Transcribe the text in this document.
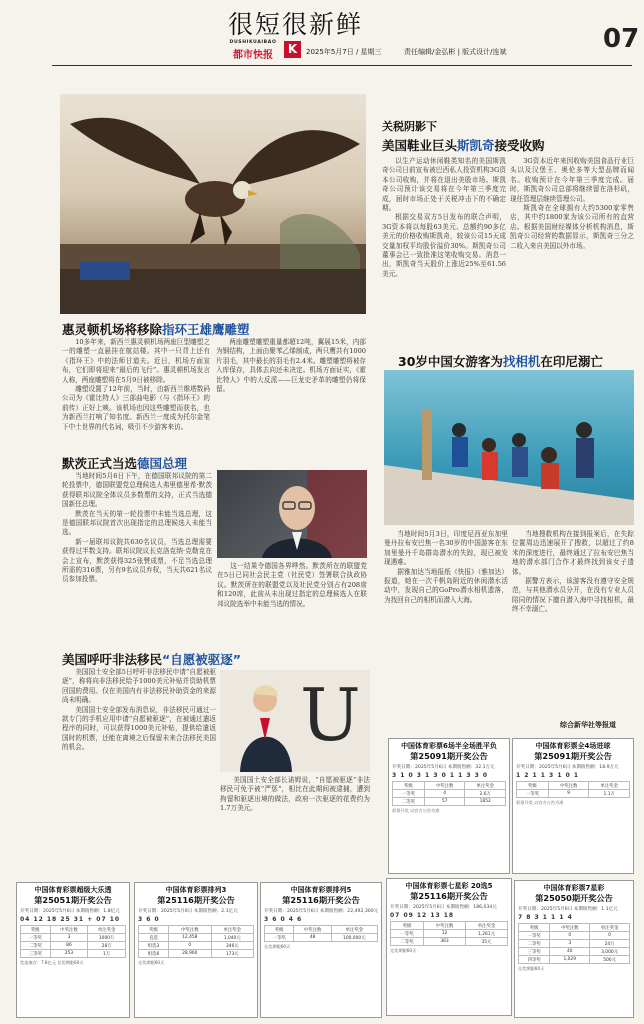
很短很新鲜
DUSHIKUAIBAO
都市快报	K	2025年5月7日 / 星期三	责任编辑/金弘彬 | 版式设计/连斌	07
惠灵顿机场将移除指环王雄鹰雕塑

10多年来，新西兰惠灵顿机场两座巨型雕塑之一的雕塑一直悬挂在航站楼。其中一只背上还有《指环王》中的法师甘道夫。近日，机场方面宣布，它们即将迎来“最后的飞行”。惠灵顿机场发言人称，两座雕塑将在5月9日被移除。

雕塑设置了12年前，当时，由新西兰维塔数码公司为《霍比特人》三部曲电影（与《指环王》的前传）正好上映。该机场也因这些雕塑而获名，也为新西兰打响了知名度。新西兰一度成为托尔金笔下中土世界的代名词，吸引不少游客来访。

两座雕塑雕塑重量都超12吨，翼展15米，内部为钢结构，上面由聚苯乙烯制成，两只鹰共有1000片羽毛，其中最长的羽毛有2.4米。雕塑雕塑将被存入库保存，具体去向还未决定。机场方面证实，《霍比特人》中的大反派——巨龙史矛革的雕塑仍将保留。

关税阴影下
美国鞋业巨头斯凯奇接受收购

以生产运动休闲鞋类知名的美国斯凯奇公司日前宣布被巴西私人投资机构3G资本公司收购，并将在退出美股市场。斯凯奇公司预计该交易将在今年第三季度完成，届时市场正处于关税冲击下的不确定期。

根据交易双方5日发布的联合声明，3G资本将以每股63美元、总额约90多亿美元的价格收购斯凯奇，较该公司15天成交量加权平均股价溢价30%。斯凯奇公司董事会已一致批准这笔收购交易。消息一出，斯凯奇当天股价上涨近25%至61.56美元。

3G资本近年来因收购美国食品行业巨头以及汉堡王、奥伦多等大型品牌而闻名。收购预计在今年第三季度完成。届时，斯凯奇公司总部将继续留在洛杉矶，现任管理层继续管理公司。

斯凯奇在全球拥有大约5300家零售店，其中约1800家为该公司所有的直营店。根据美国财经媒体分析机构消息，斯凯奇公司经营的数据显示，斯凯奇三分之二收入来自美国以外市场。

默茨正式当选德国总理

当地时间5月6日下午，在德国联邦议院的第二轮投票中，德国联盟党总理候选人弗里德里希·默茨获得联邦议院全体议员多数票的支持，正式当选德国新任总理。

默茨在当天的第一轮投票中未能当选总理，这是德国联邦议院首次出现指定的总理候选人未能当选。

新一届联邦议院共630名议员，当选总理需要获得过半数支持。联邦议院议长克洛克纳·克勒克在会上宣布，默茨获得325张赞成票，不足当选总理所需的316票，另有9名议员弃权，当天共621名议员参加投票。

这一结果令德国各界哗然。默茨所在的联盟党在5日已同社会民主党（社民党）签署联合执政协议。默茨所在的联盟党以及社民党分别占有208席和120席，此前从未出现过指定的总理候选人在联邦议院选举中未能当选的情况。

30岁中国女游客为找相机在印尼溺亡

当地时间5月3日，印度尼西亚东加里曼丹拉布安巴焦一名30岁的中国游客在东加里曼丹千岛群岛潜水的失踪，现已被发现遇难。

据雅加达当地报纸《快报》（雅加达）报道，她在一次千帆岛附近的休闲潜水活动中，发现自己的GoPro潜水相机遗落，为找回自己的相机而潜入大海。

当地搜救机构在接到报案后，在失踪位置周边迅速展开了搜救，以超过了约8米的深度进行，最终通过了拉布安巴焦当地的潜水部门合作才最终找到该女子遗体。

据警方表示，该游客没有遵守安全规范，与其他潜水员分开，在没有专业人员陪同的情况下擅自潜入海中寻找相机，最终不幸溺亡。

综合新华社等报道
美国呼吁非法移民“自愿被驱逐”

美国国土安全部5日呼吁非法移民申请“自愿被驱逐”，称将向非法移民给予1000美元补贴并资助机票回国的费用。仅在美国内有非法移民补助资金的来源尚未明确。

美国国土安全部发布消息说，非法移民可通过一款专门的手机应用申请“自愿被驱逐”，在被通过遣返程序的同时，可以获得1000美元补贴，提供给遣返国时的机票，还能在离境之后保留未来合法移民美国的机会。	U

美国国土安全部长诺姆说，“自愿被驱逐”非法移民可免予被“严惩”，相比在此期间被逮捕，遭到拘留和驱逐出境的做法，政府一次驱逐的花费约为1.7万美元。

中国体育彩票超级大乐透
第25051期开奖公告
开奖日期：2025年5月6日 本期销售额：1.8亿元
04 12 18 25 31 + 07 10
奖级	中奖注数	单注奖金
一等奖	3	1000万
二等奖	86	28万
三等奖	253	1万
奖池滚存：7.8亿元 兑奖期限60天
中国体育彩票6场半全场胜平负
第25091期开奖公告
开奖日期：2025年5月6日 本期销售额：32.1万元
3 1 0 3 1 3 0 1 1 3 3 0
奖级	中奖注数	单注奖金
一等奖	4	2.6万
二等奖	57	1852
彩票开奖 以官方公告为准
中国体育彩票全4场进球
第25091期开奖公告
开奖日期：2025年5月6日 本期销售额：18.9万元
1 2 1 1 3 1 0 1
奖级	中奖注数	单注奖金
一等奖	9	1.1万
彩票开奖 以官方公告为准
中国体育彩票排列3
第25116期开奖公告
开奖日期：2025年5月6日 本期销售额：2.1亿元
3 6 0
奖级	中奖注数	单注奖金
直选	12,458	1,040元
组选3	0	346元
组选6	28,960	173元
兑奖期限60天
中国体育彩票排列5
第25116期开奖公告
开奖日期：2025年5月6日 本期销售额：22,492,300元
3 6 0 4 6
奖级	中奖注数	单注奖金
一等奖	48	100,000元
兑奖期限60天
中国体育彩票7星彩
第25050期开奖公告
开奖日期：2025年5月6日 本期销售额：1.1亿元
7 8 3 1 1 1 4
奖级	中奖注数	单注奖金
一等奖	0	0
二等奖	3	24万
三等奖	40	3,000元
四等奖	1,029	500元
兑奖期限60天
中国体育彩票七星彩 20选5
第25116期开奖公告
开奖日期：2025年5月6日 本期销售额：186,034元
07 09 12 13 18
奖级	中奖注数	单注奖金
一等奖	12	1,261元
二等奖	363	35元
兑奖期限60天
